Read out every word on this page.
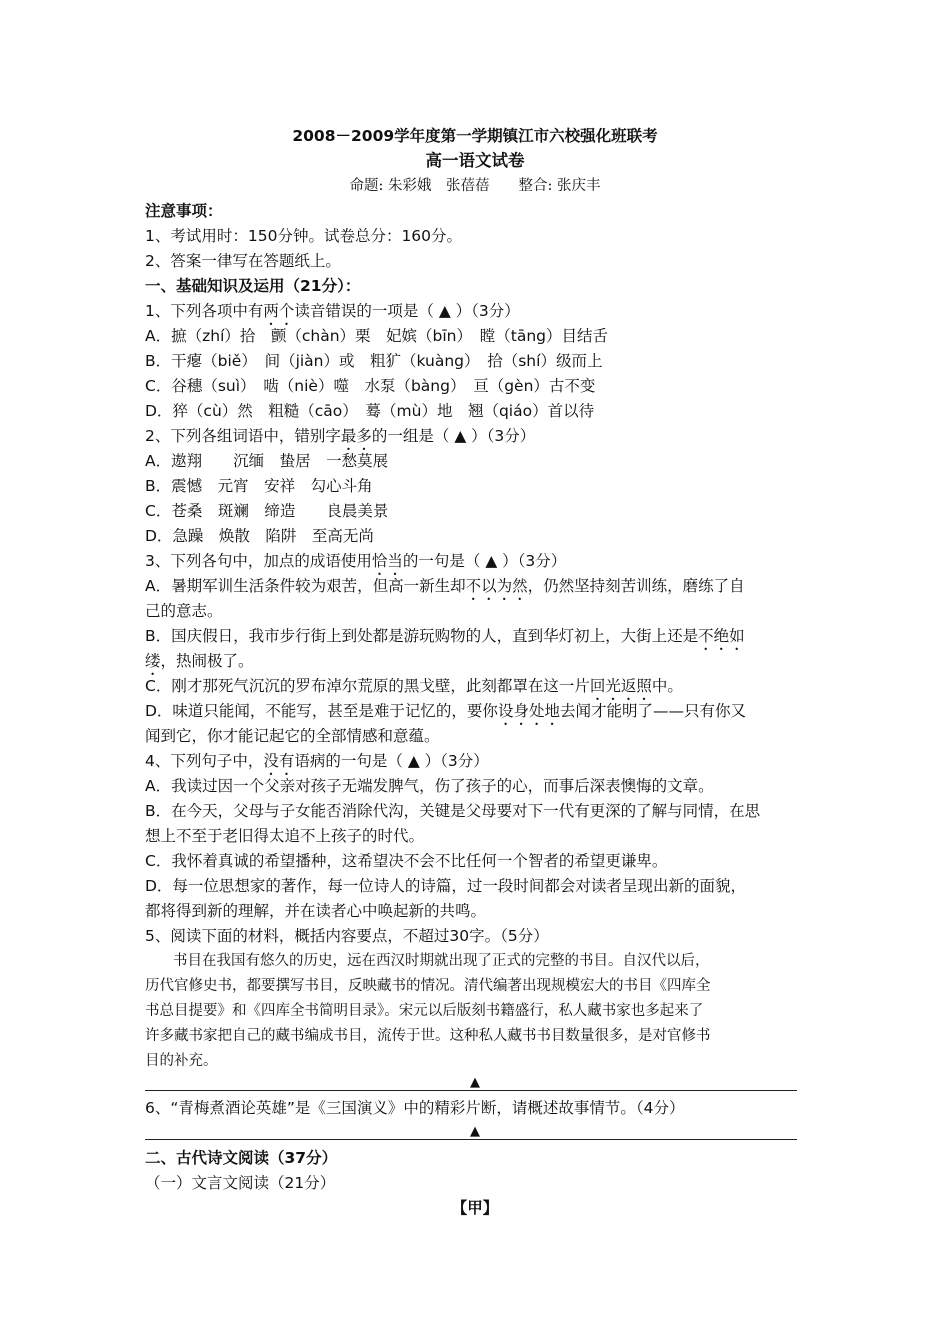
2008－2009学年度第一学期镇江市六校强化班联考
高一语文试卷
命题: 朱彩娥　张蓓蓓　　整合: 张庆丰
注意事项：
1、考试用时：150分钟。试卷总分：160分。
2、答案一律写在答题纸上。
一、基础知识及运用（21分）：
1、下列各项中有两个读音错误的一项是（ ▲ ）（3分）
A．摭（zhí）拾　颤（chàn）栗　妃嫔（bīn）　瞠（tāng）目结舌
B．干瘪（biě）　间（jiàn）或　粗犷（kuàng）　拾（shí）级而上
C．谷穗（suì）　啮（niè）噬　水泵（bàng）　亘（gèn）古不变
D．猝（cù）然　粗糙（cāo）　蓦（mù）地　翘（qiáo）首以待
2、下列各组词语中，错别字最多的一组是（ ▲ ）（3分）
A．遨翔　　沉缅　蛰居　一愁莫展
B．震憾　元宵　安祥　勾心斗角
C．苍桑　斑斓　缔造　　良晨美景
D．急躁　焕散　陷阱　至高无尚
3、下列各句中，加点的成语使用恰当的一句是（ ▲ ）（3分）
A．暑期军训生活条件较为艰苦，但高一新生却不以为然，仍然坚持刻苦训练，磨练了自
己的意志。
B．国庆假日，我市步行街上到处都是游玩购物的人，直到华灯初上，大街上还是不绝如
缕，热闹极了。
C．刚才那死气沉沉的罗布淖尔荒原的黑戈壁，此刻都罩在这一片回光返照中。
D．味道只能闻，不能写，甚至是难于记忆的，要你设身处地去闻才能明了——只有你又
闻到它，你才能记起它的全部情感和意蕴。
4、下列句子中，没有语病的一句是（ ▲ ）（3分）
A．我读过因一个父亲对孩子无端发脾气，伤了孩子的心，而事后深表懊悔的文章。
B．在今天，父母与子女能否消除代沟，关键是父母要对下一代有更深的了解与同情，在思
想上不至于老旧得太追不上孩子的时代。
C．我怀着真诚的希望播种，这希望决不会不比任何一个智者的希望更谦卑。
D．每一位思想家的著作，每一位诗人的诗篇，过一段时间都会对读者呈现出新的面貌，
都将得到新的理解，并在读者心中唤起新的共鸣。
5、阅读下面的材料，概括内容要点，不超过30字。（5分）
书目在我国有悠久的历史，远在西汉时期就出现了正式的完整的书目。自汉代以后，
历代官修史书，都要撰写书目，反映藏书的情况。清代编著出现规模宏大的书目《四库全
书总目提要》和《四库全书简明目录》。宋元以后版刻书籍盛行，私人藏书家也多起来了
许多藏书家把自己的藏书编成书目，流传于世。这种私人藏书书目数量很多，是对官修书
目的补充。
▲
6、“青梅煮酒论英雄”是《三国演义》中的精彩片断，请概述故事情节。（4分）
▲
二、古代诗文阅读（37分）
（一）文言文阅读（21分）
【甲】
